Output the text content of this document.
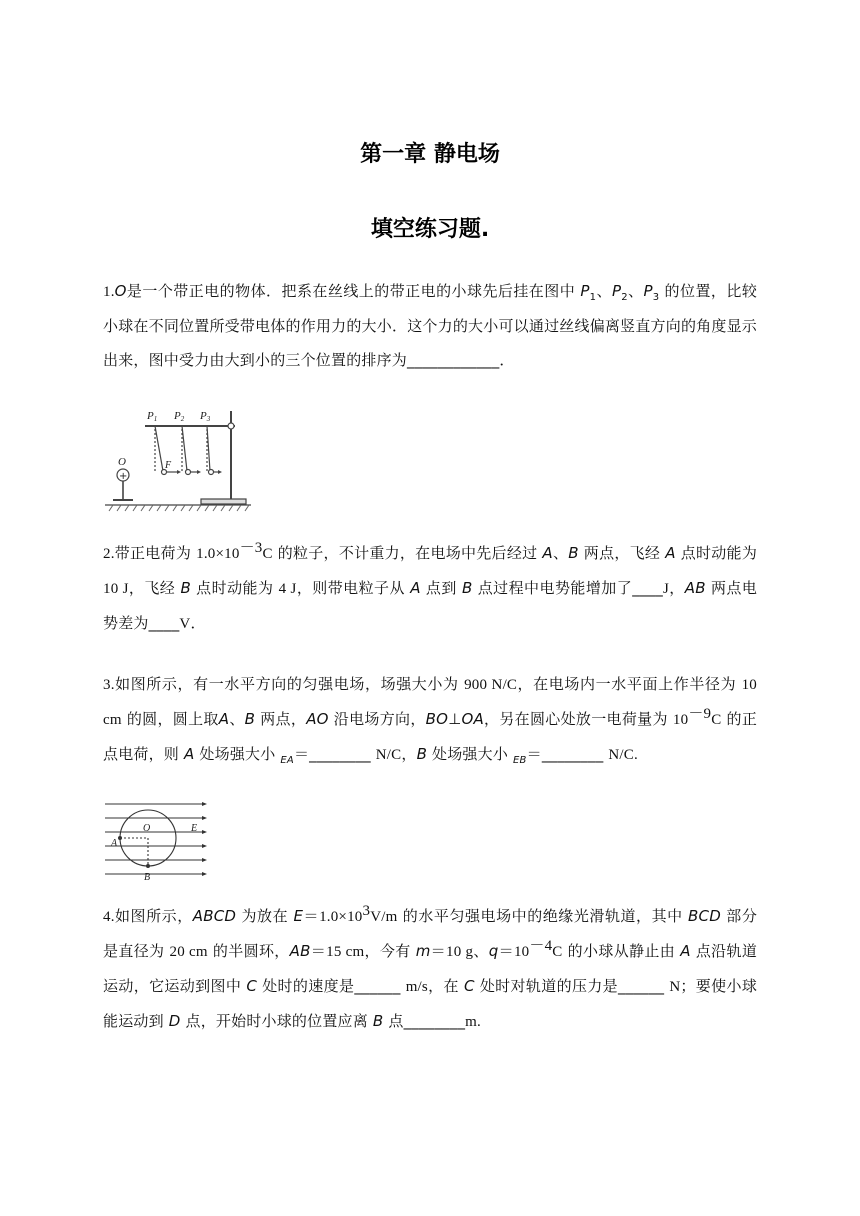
第一章 静电场
填空练习题.
1.O是一个带正电的物体．把系在丝线上的带正电的小球先后挂在图中 $P_1$、$P_2$、$P_3$ 的位置，比较小球在不同位置所受带电体的作用力的大小．这个力的大小可以通过丝线偏离竖直方向的角度显示出来，图中受力由大到小的三个位置的排序为____________．
P1 P2 P3
O	F
+
2.带正电荷为 $1.0\times 10^{-3}C$ 的粒子，不计重力，在电场中先后经过 A、B 两点，飞经 A 点时动能为 10 J，飞经 B 点时动能为 4 J，则带电粒子从 A 点到 B 点过程中电势能增加了____J，AB 两点电势差为____V．
3.如图所示，有一水平方向的匀强电场，场强大小为 900 N/C，在电场内一水平面上作半径为 10 cm 的圆，圆上取A、B 两点，AO 沿电场方向，BO⊥OA，另在圆心处放一电荷量为 $10^{-9}C$ 的正点电荷，则 A 处场强大小 $_{EA}$＝________ N/C，B 处场强大小 $_{EB}$＝________ N/C.
O	E
A
B
4.如图所示，ABCD 为放在 $E=1.0\times 10^3V/m$ 的水平匀强电场中的绝缘光滑轨道，其中 BCD 部分是直径为 20 cm 的半圆环，AB＝15 cm，今有 m＝10 g、$q=10^{-4}C$ 的小球从静止由 A 点沿轨道运动，它运动到图中 C 处时的速度是______ m/s，在 C 处时对轨道的压力是______ N；要使小球能运动到 D 点，开始时小球的位置应离 B 点________m.
